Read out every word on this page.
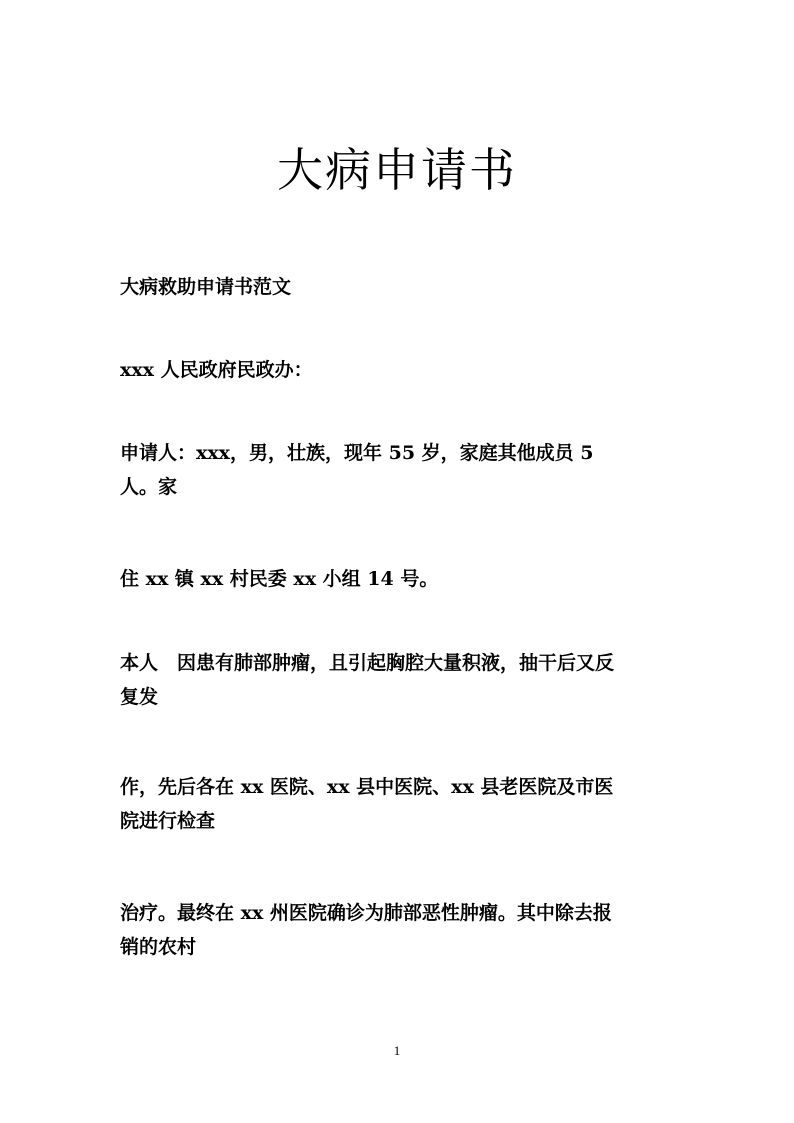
大病申请书
大病救助申请书范文
xxx 人民政府民政办：
申请人：xxx，男，壮族，现年 55 岁，家庭其他成员 5
人。家
住 xx 镇 xx 村民委 xx 小组 14 号。
本人　因患有肺部肿瘤，且引起胸腔大量积液，抽干后又反
复发
作，先后各在 xx 医院、xx 县中医院、xx 县老医院及市医
院进行检查
治疗。最终在 xx 州医院确诊为肺部恶性肿瘤。其中除去报
销的农村
1
